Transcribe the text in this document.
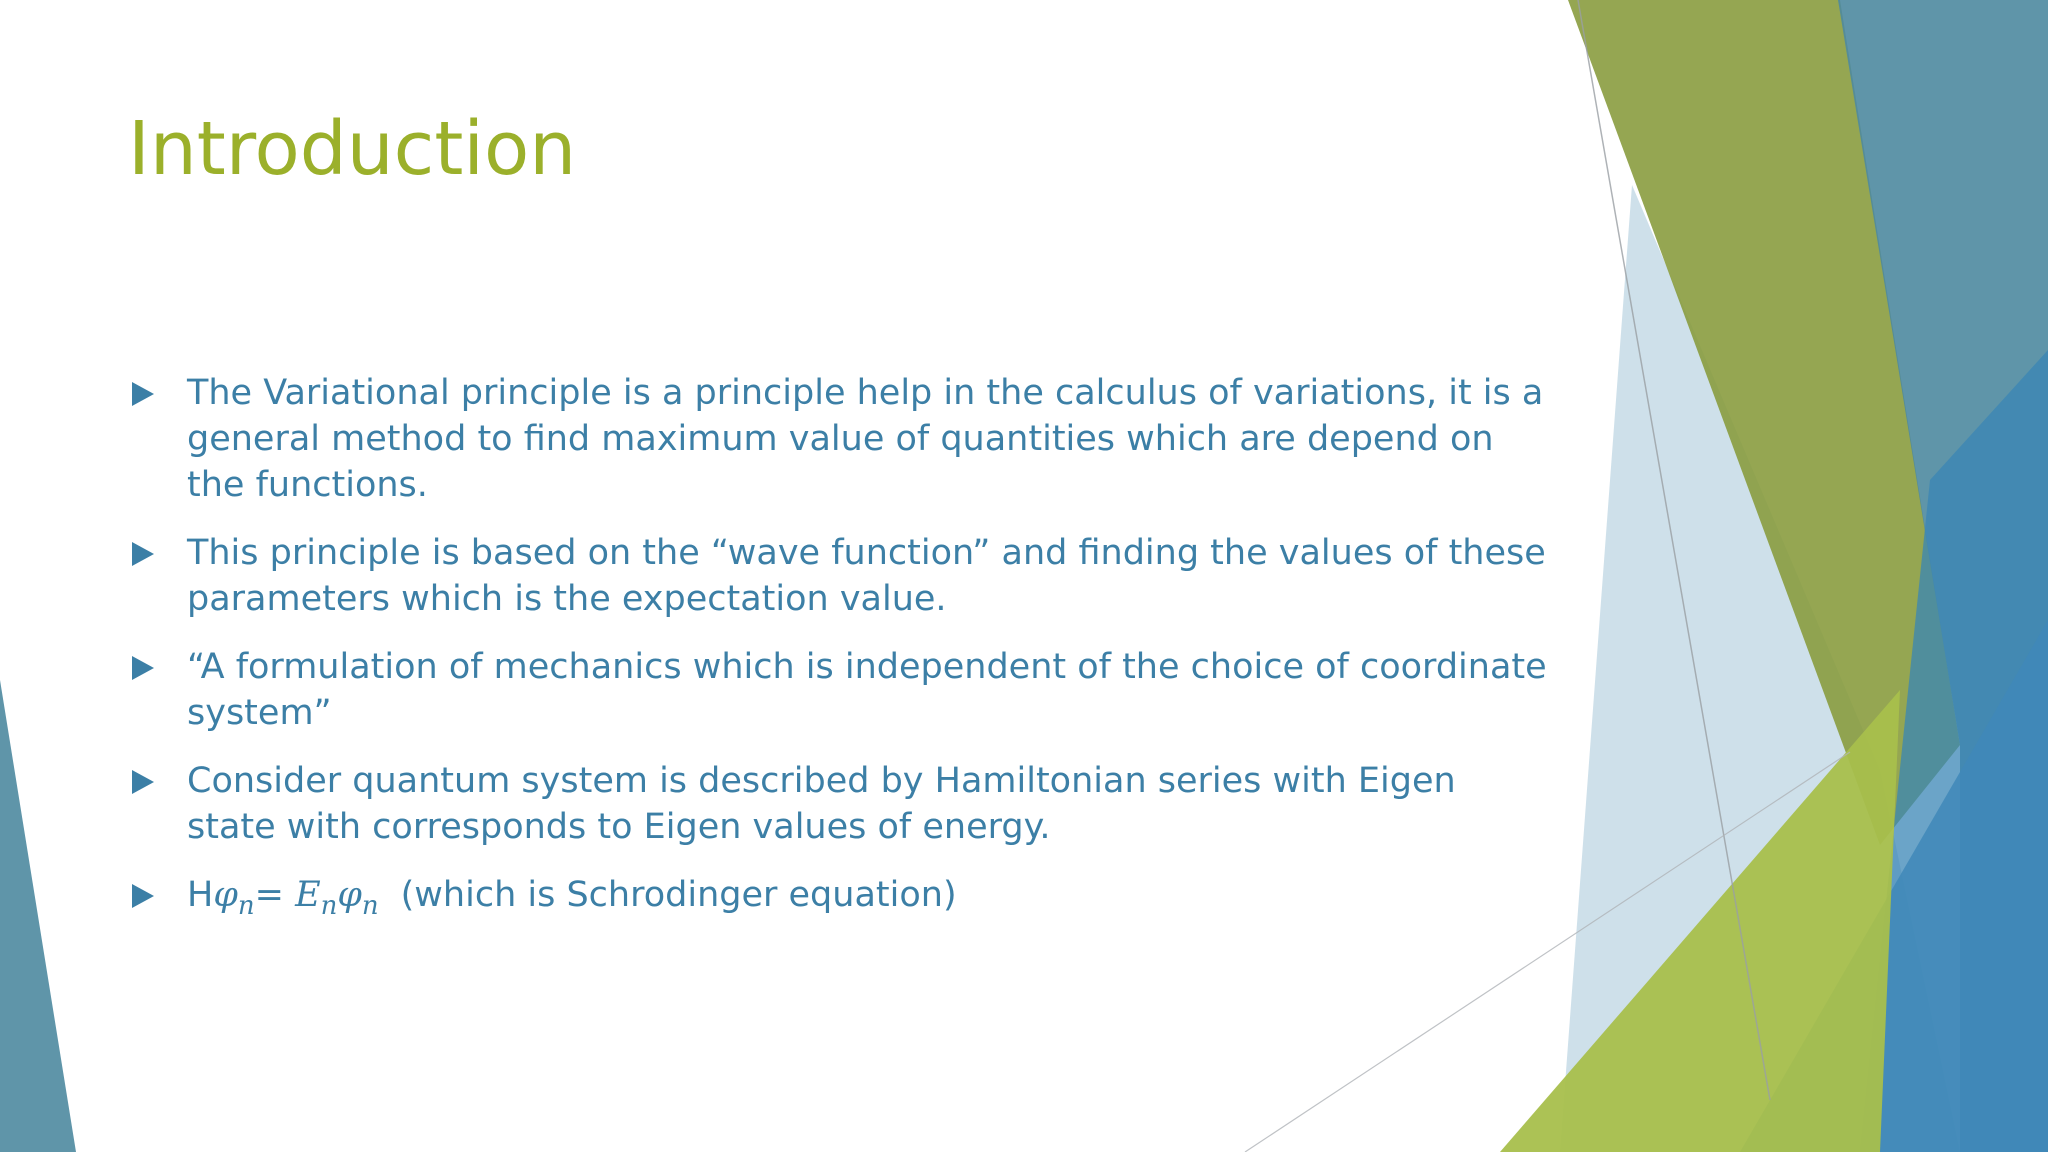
Introduction
The Variational principle is a principle help in the calculus of variations, it is a general method to find maximum value of quantities which are depend on the functions.
This principle is based on the “wave function” and finding the values of these parameters which is the expectation value.
“A formulation of mechanics which is independent of the choice of coordinate system”
Consider quantum system is described by Hamiltonian series with Eigen state with corresponds to Eigen values of energy.
$H\varphi_n= E_n\varphi_n$ (which is Schrodinger equation)
